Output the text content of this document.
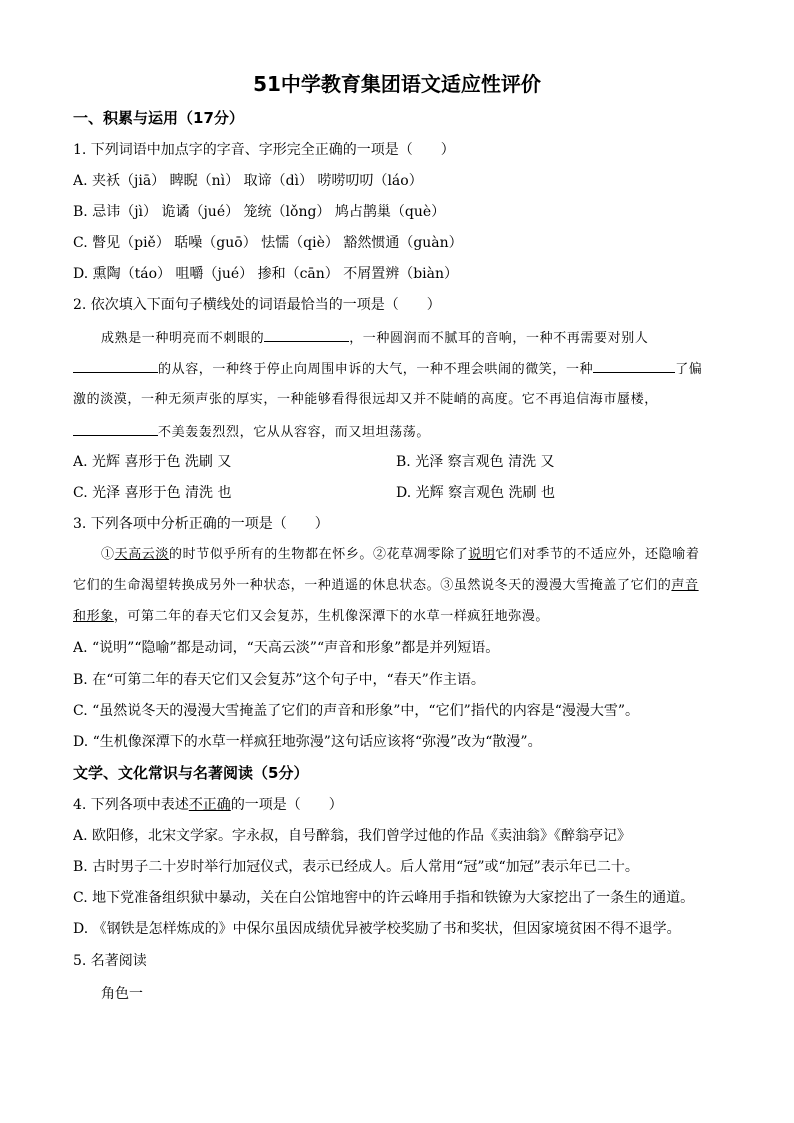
51中学教育集团语文适应性评价
一、积累与运用（17分）
1. 下列词语中加点字的字音、字形完全正确的一项是（　　）
A. 夹袄（jiā） 睥睨（nì） 取谛（dì） 唠唠叨叨（láo）
B. 忌讳（jì） 诡谲（jué） 笼统（lǒng） 鸠占鹊巢（què）
C. 瞥见（piě） 聒噪（guō） 怯懦（qiè） 豁然惯通（guàn）
D. 熏陶（táo） 咀嚼（jué） 掺和（cān） 不屑置辨（biàn）
2. 依次填入下面句子横线处的词语最恰当的一项是（　　）
成熟是一种明亮而不刺眼的	，一种圆润而不腻耳的音响，一种不再需要对别人
的从容，一种终于停止向周围申诉的大气，一种不理会哄闹的微笑，一种	了偏
激的淡漠，一种无须声张的厚实，一种能够看得很远却又并不陡峭的高度。它不再追信海市蜃楼，
不美轰轰烈烈，它从从容容，而又坦坦荡荡。
A. 光辉 喜形于色 洗刷 又	B. 光泽 察言观色 清洗 又
C. 光泽 喜形于色 清洗 也	D. 光辉 察言观色 洗刷 也
3. 下列各项中分析正确的一项是（　　）
①天高云淡的时节似乎所有的生物都在怀乡。②花草凋零除了说明它们对季节的不适应外，还隐喻着
它们的生命渴望转换成另外一种状态，一种逍遥的休息状态。③虽然说冬天的漫漫大雪掩盖了它们的声音
和形象，可第二年的春天它们又会复苏，生机像深潭下的水草一样疯狂地弥漫。
A. “说明”“隐喻”都是动词，“天高云淡”“声音和形象”都是并列短语。
B. 在“可第二年的春天它们又会复苏”这个句子中，“春天”作主语。
C. “虽然说冬天的漫漫大雪掩盖了它们的声音和形象”中，“它们”指代的内容是“漫漫大雪”。
D. “生机像深潭下的水草一样疯狂地弥漫”这句话应该将“弥漫”改为“散漫”。
文学、文化常识与名著阅读（5分）
4. 下列各项中表述不正确的一项是（　　）
A. 欧阳修，北宋文学家。字永叔，自号醉翁，我们曾学过他的作品《卖油翁》《醉翁亭记》
B. 古时男子二十岁时举行加冠仪式，表示已经成人。后人常用“冠”或“加冠”表示年已二十。
C. 地下党准备组织狱中暴动，关在白公馆地窖中的许云峰用手指和铁镣为大家挖出了一条生的通道。
D. 《钢铁是怎样炼成的》中保尔虽因成绩优异被学校奖励了书和奖状，但因家境贫困不得不退学。
5. 名著阅读
角色一
